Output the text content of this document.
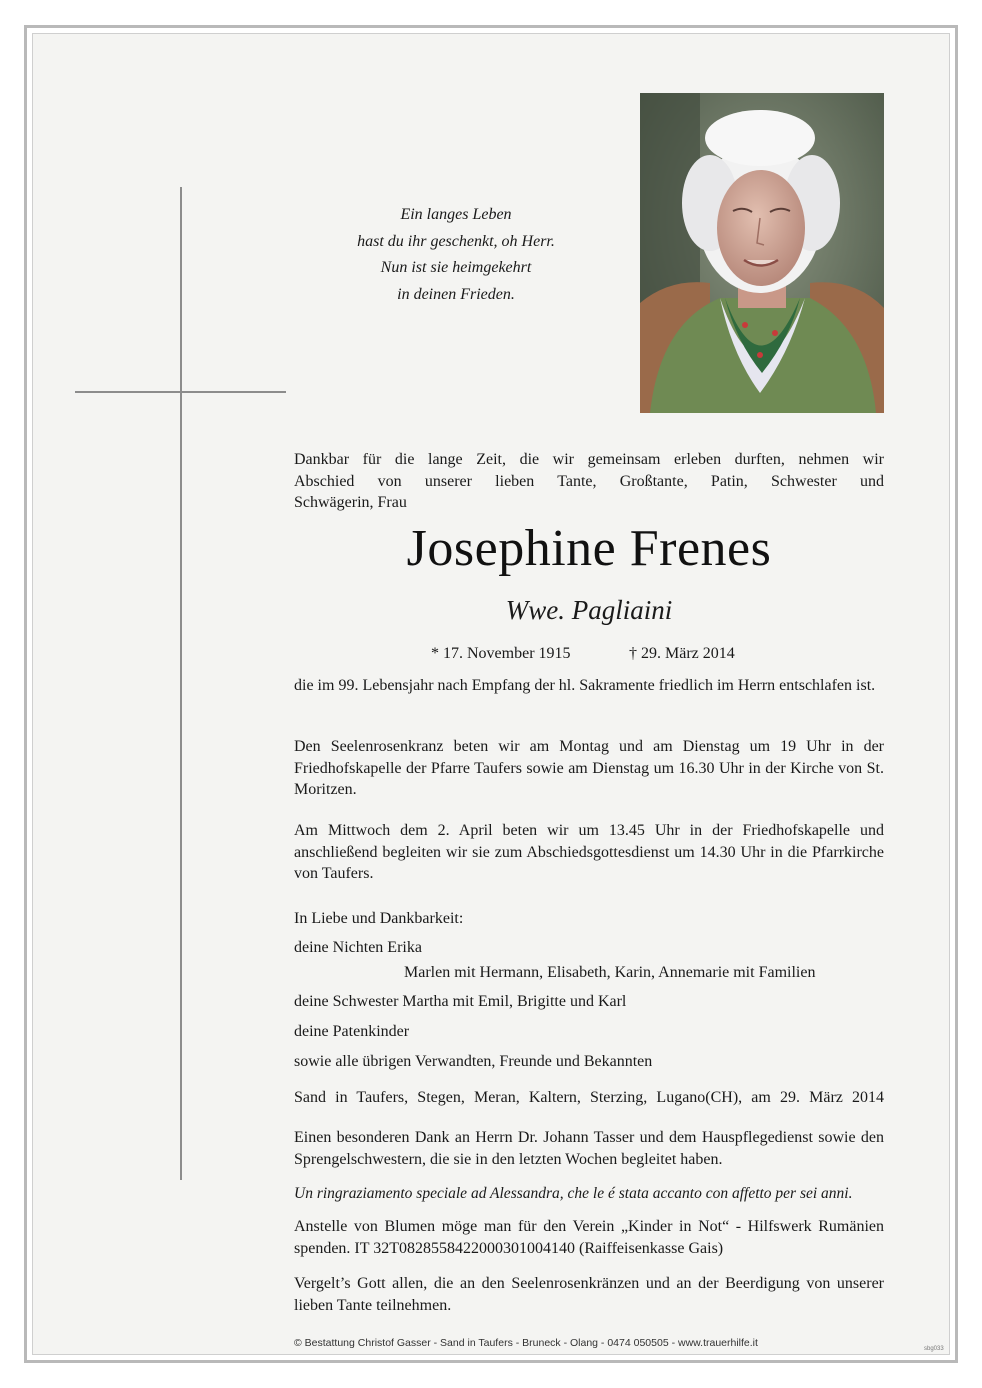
Ein langes Leben
hast du ihr geschenkt, oh Herr.
Nun ist sie heimgekehrt
in deinen Frieden.
Dankbar für die lange Zeit, die wir gemeinsam erleben durften, nehmen wir
Abschied von unserer lieben Tante, Großtante, Patin, Schwester und
Schwägerin, Frau
Josephine Frenes
Wwe. Pagliaini
* 17. November 1915	† 29. März 2014
die im 99. Lebensjahr nach Empfang der hl. Sakramente friedlich im Herrn entschlafen ist.
Den Seelenrosenkranz beten wir am Montag und am Dienstag um 19 Uhr in der Friedhofskapelle der Pfarre Taufers sowie am Dienstag um 16.30 Uhr in der Kirche von St. Moritzen.
Am Mittwoch dem 2. April beten wir um 13.45 Uhr in der Friedhofskapelle und anschließend begleiten wir sie zum Abschiedsgottesdienst um 14.30 Uhr in die Pfarrkirche von Taufers.
In Liebe und Dankbarkeit:
deine Nichten Erika
Marlen mit Hermann, Elisabeth, Karin, Annemarie mit Familien
deine Schwester Martha mit Emil, Brigitte und Karl
deine Patenkinder
sowie alle übrigen Verwandten, Freunde und Bekannten
Sand in Taufers, Stegen, Meran, Kaltern, Sterzing, Lugano(CH), am 29. März 2014
Einen besonderen Dank an Herrn Dr. Johann Tasser und dem Hauspflegedienst sowie den Sprengelschwestern, die sie in den letzten Wochen begleitet haben.
Un ringraziamento speciale ad Alessandra, che le é stata accanto con affetto per sei anni.
Anstelle von Blumen möge man für den Verein „Kinder in Not“ - Hilfswerk Rumänien
spenden. IT 32T0828558422000301004140 (Raiffeisenkasse Gais)
Vergelt’s Gott allen, die an den Seelenrosenkränzen und an der Beerdigung von unserer lieben Tante teilnehmen.
© Bestattung Christof Gasser - Sand in Taufers - Bruneck - Olang - 0474 050505 - www.trauerhilfe.it	sbg033
